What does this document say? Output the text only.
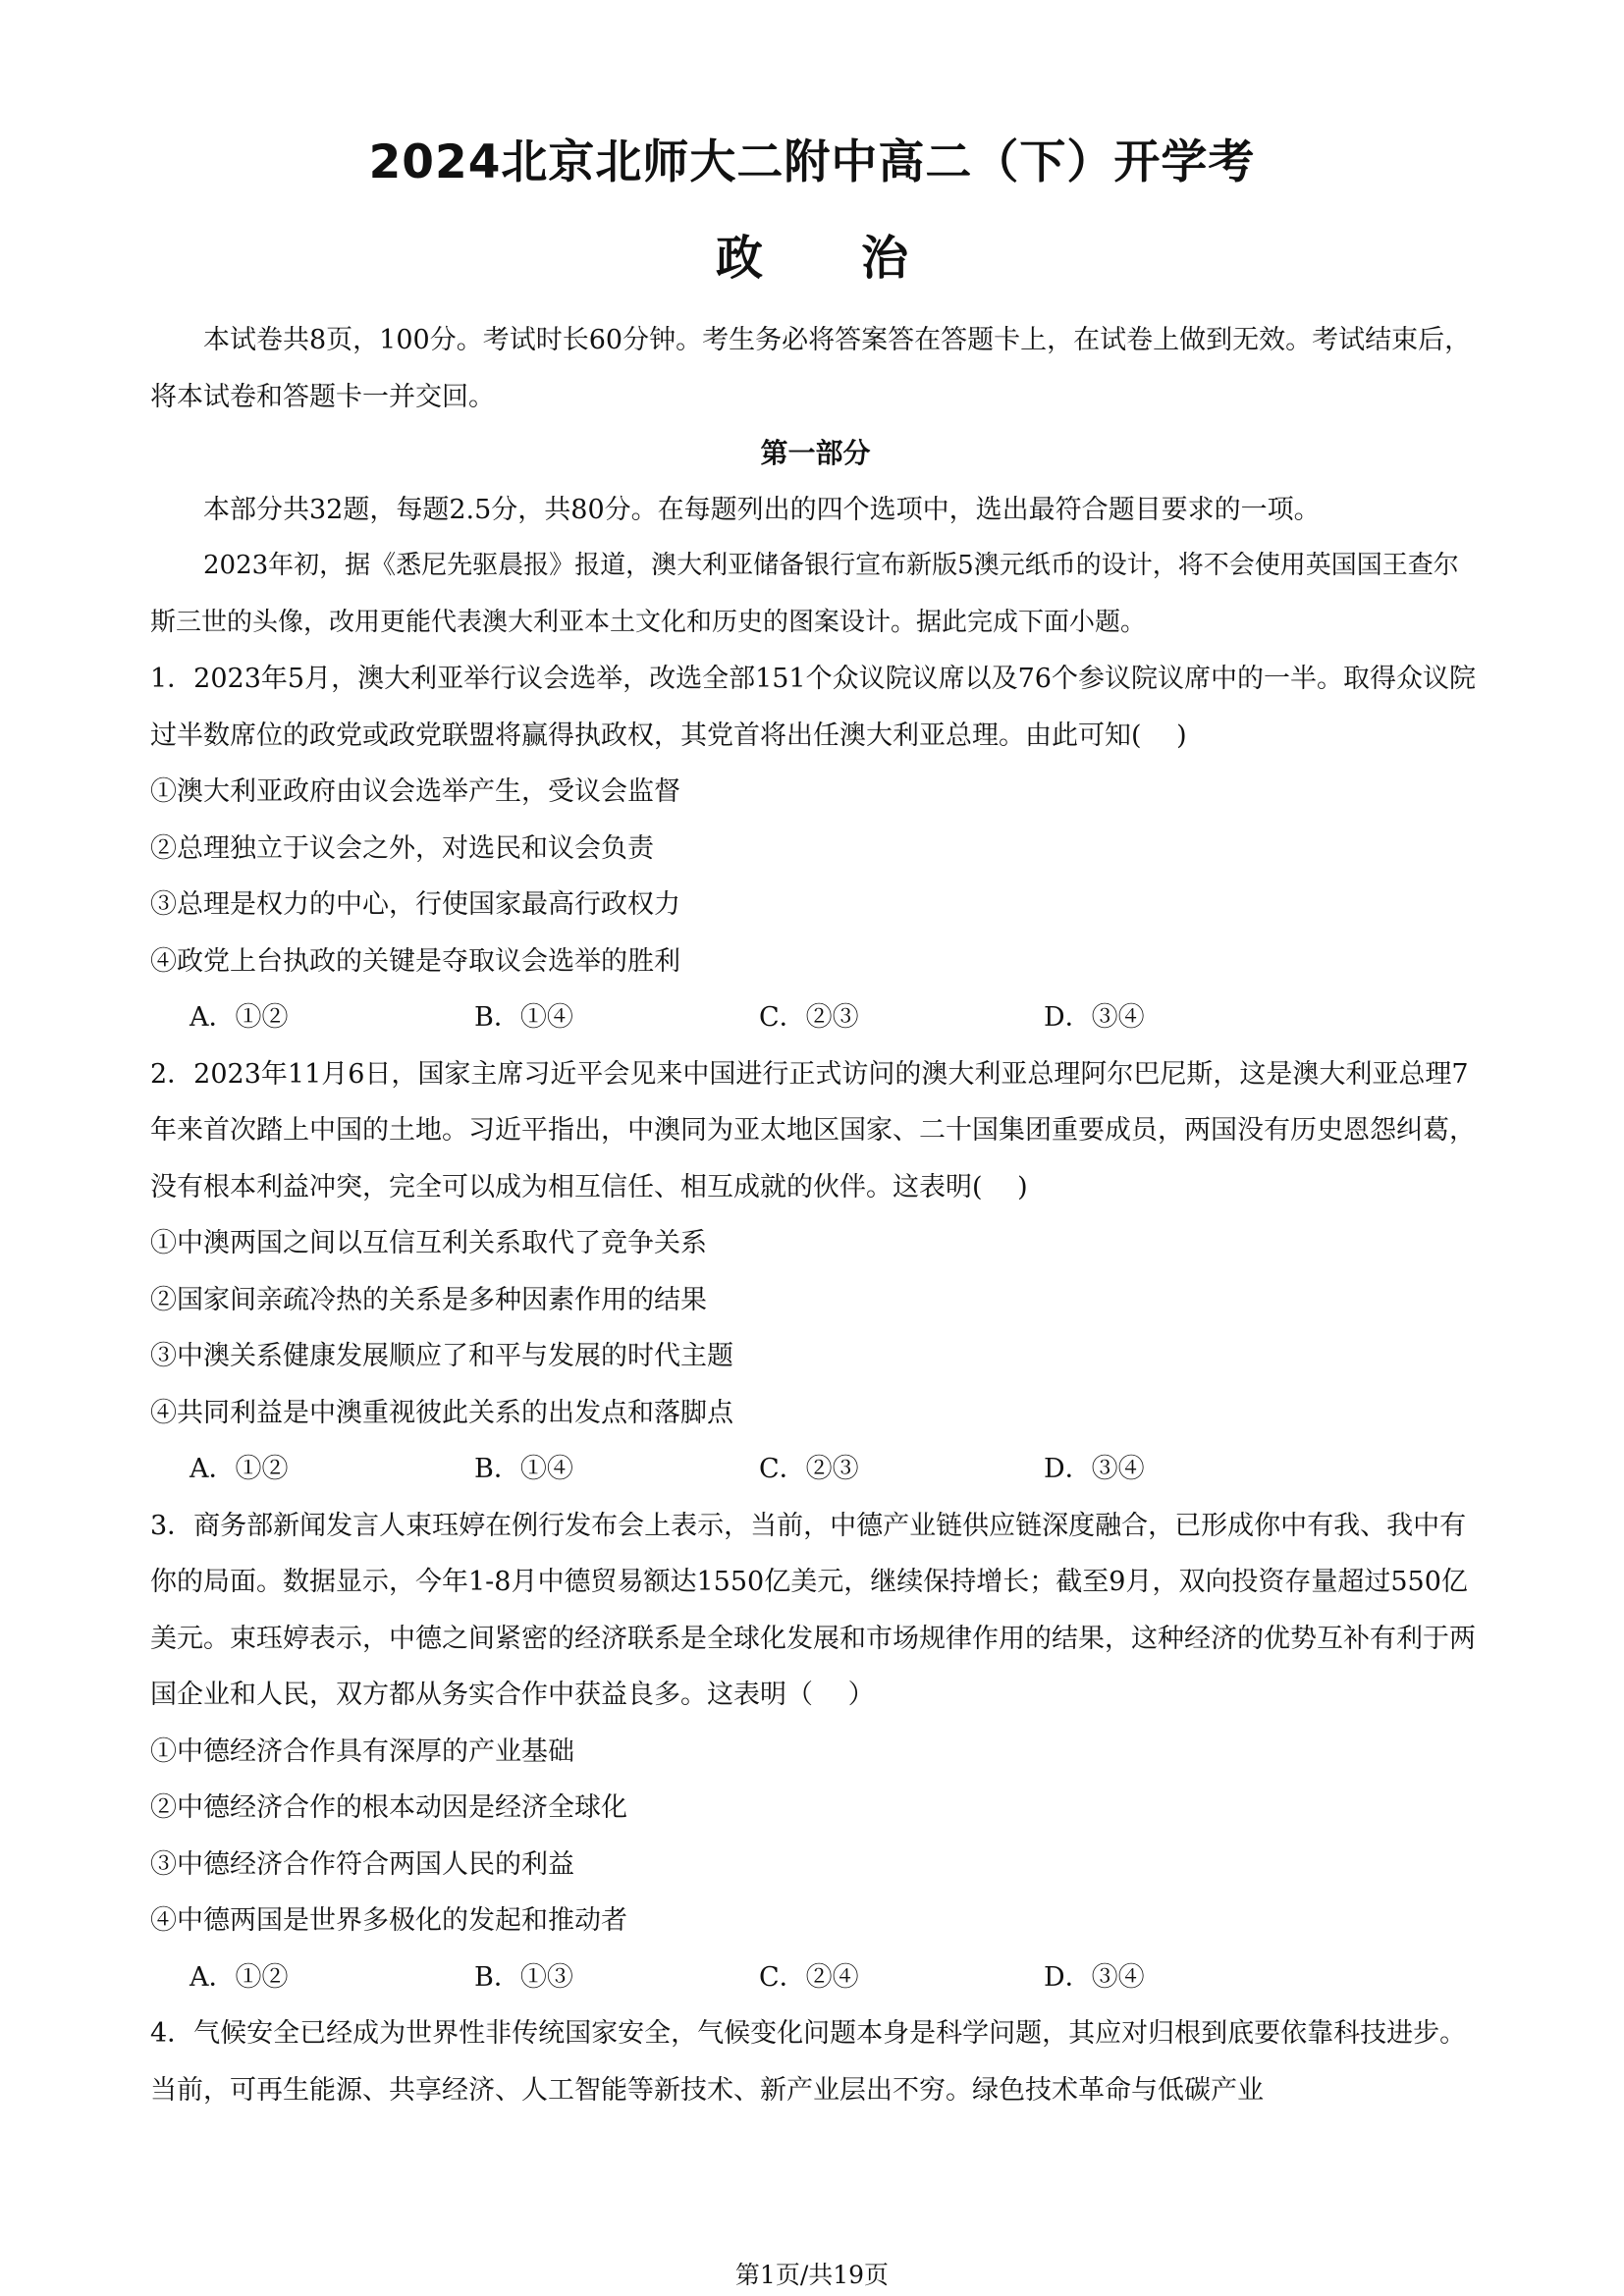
2024北京北师大二附中高二（下）开学考
政治

本试卷共8页，100分。考试时长60分钟。考生务必将答案答在答题卡上，在试卷上做到无效。考试结束后，将本试卷和答题卡一并交回。

第一部分

本部分共32题，每题2.5分，共80分。在每题列出的四个选项中，选出最符合题目要求的一项。

2023年初，据《悉尼先驱晨报》报道，澳大利亚储备银行宣布新版5澳元纸币的设计，将不会使用英国国王查尔斯三世的头像，改用更能代表澳大利亚本土文化和历史的图案设计。据此完成下面小题。

1．2023年5月，澳大利亚举行议会选举，改选全部151个众议院议席以及76个参议院议席中的一半。取得众议院过半数席位的政党或政党联盟将赢得执政权，其党首将出任澳大利亚总理。由此可知(　 )

①澳大利亚政府由议会选举产生，受议会监督

②总理独立于议会之外，对选民和议会负责

③总理是权力的中心，行使国家最高行政权力

④政党上台执政的关键是夺取议会选举的胜利

A．①②	B．①④	C．②③	D．③④

2．2023年11月6日，国家主席习近平会见来中国进行正式访问的澳大利亚总理阿尔巴尼斯，这是澳大利亚总理7年来首次踏上中国的土地。习近平指出，中澳同为亚太地区国家、二十国集团重要成员，两国没有历史恩怨纠葛，没有根本利益冲突，完全可以成为相互信任、相互成就的伙伴。这表明(　 )

①中澳两国之间以互信互利关系取代了竞争关系

②国家间亲疏冷热的关系是多种因素作用的结果

③中澳关系健康发展顺应了和平与发展的时代主题

④共同利益是中澳重视彼此关系的出发点和落脚点

A．①②	B．①④	C．②③	D．③④

3．商务部新闻发言人束珏婷在例行发布会上表示，当前，中德产业链供应链深度融合，已形成你中有我、我中有你的局面。数据显示，今年1-8月中德贸易额达1550亿美元，继续保持增长；截至9月，双向投资存量超过550亿美元。束珏婷表示，中德之间紧密的经济联系是全球化发展和市场规律作用的结果，这种经济的优势互补有利于两国企业和人民，双方都从务实合作中获益良多。这表明（　 ）

①中德经济合作具有深厚的产业基础

②中德经济合作的根本动因是经济全球化

③中德经济合作符合两国人民的利益

④中德两国是世界多极化的发起和推动者

A．①②	B．①③	C．②④	D．③④

4．气候安全已经成为世界性非传统国家安全，气候变化问题本身是科学问题，其应对归根到底要依靠科技进步。当前，可再生能源、共享经济、人工智能等新技术、新产业层出不穷。绿色技术革命与低碳产业

第1页/共19页
